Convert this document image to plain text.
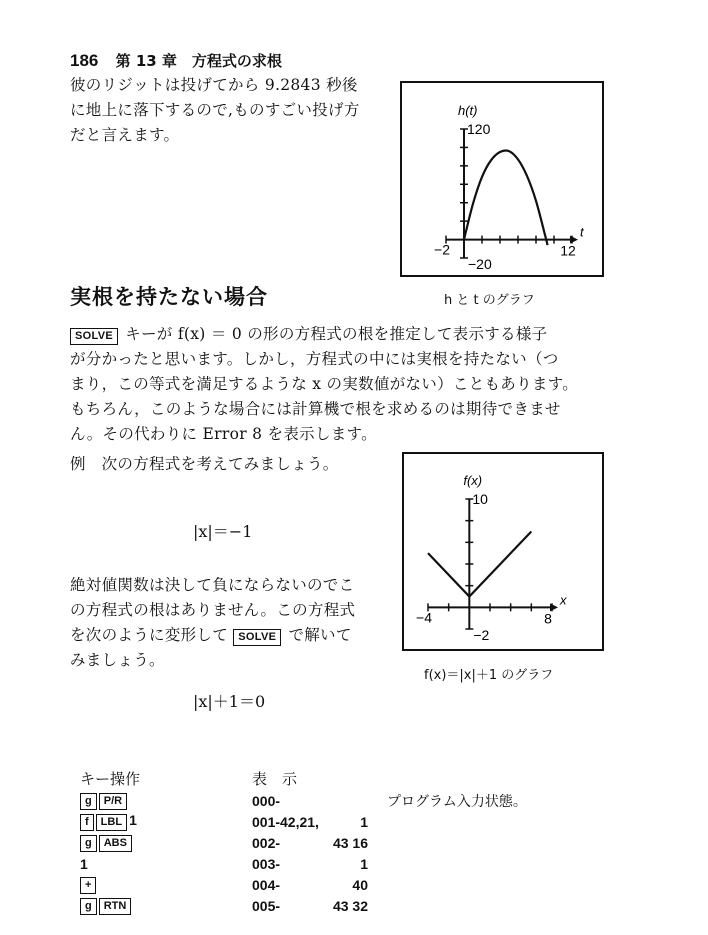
186 第 13 章　方程式の求根
彼のリジットは投げてから 9.2843 秒後
に地上に落下するので,ものすごい投げ方
だと言えます。
−2	12
120
−20
h(t)
t
h と t のグラフ
実根を持たない場合
SOLVE キーが f(x) ＝ 0 の形の方程式の根を推定して表示する様子
が分かったと思います。しかし，方程式の中には実根を持たない（つ
まり，この等式を満足するような x の実数値がない）こともあります。
もちろん，このような場合には計算機で根を求めるのは期待できませ
ん。その代わりに Error 8 を表示します。
例　次の方程式を考えてみましょう。
|x|＝−1
絶対値関数は決して負にならないのでこ
の方程式の根はありません。この方程式
を次のように変形して SOLVE で解いて
みましょう。
|x|＋1＝0
−4	8
10
−2
f(x)
x
f(x)＝|x|＋1 のグラフ
キー操作	表　示	
g P/R	000-	プログラム入力状態。
f LBL 1	001-42,21, 1	
g ABS	002- 43 16	
1	003- 1	
+	004- 40	
g RTN	005- 43 32	
